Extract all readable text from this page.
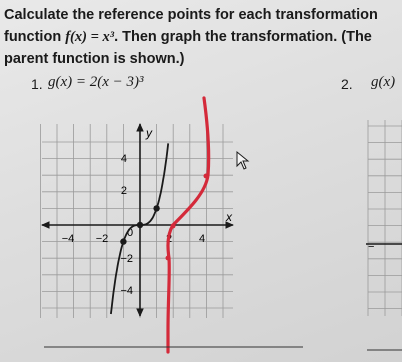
Calculate the reference points for each transformation
function f(x) = x³. Then graph the transformation. (The
parent function is shown.)
1. g(x) = 2(x − 3)³	2. g(x)
x
y
−4 −2 0	2 4
4
2
−2
−4
−
